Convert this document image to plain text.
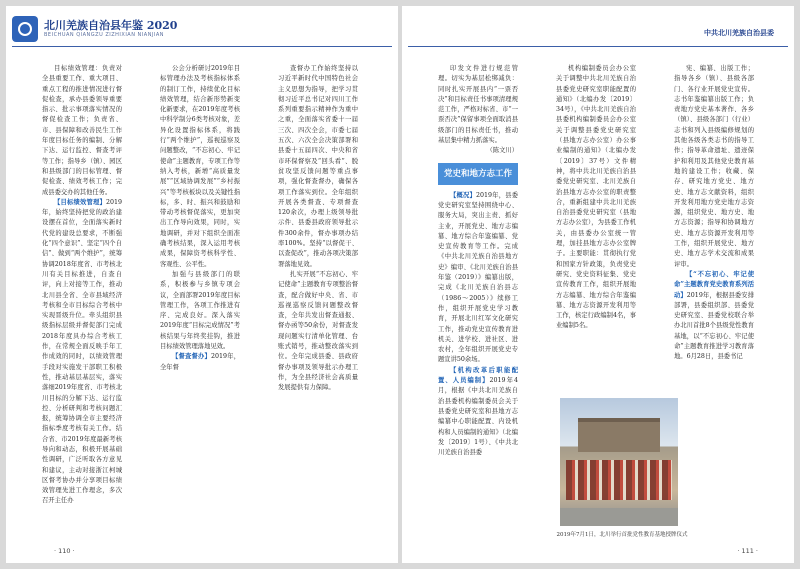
北川羌族自治县年鉴 2020
BEICHUAN QIANGZU ZIZHIXIAN NIANJIAN

目标绩效管理：负责对全县重要工作、重大项目、重点工程的推进情况进行督促检查，承办县委领导重要指示、批示事项落实情况的督促检查工作；负责省、市、县保障和改善民生工作年度目标任务的编制、分解下达、运行监控、督查考评等工作；指导乡（镇）、园区和县级部门的目标管理、督促检查、绩效考核工作；完成县委交办的其他任务。

【目标绩效管理】2019年，始终坚持把党的政治建设摆在首位，全面落实新时代党的建设总要求，不断强化“四个意识”、坚定“四个自信”、做到“两个维护”，统筹协调2018年度省、市考核北川有关目标推进，自查自评，向上对接等工作，推动北川县全省、全市县域经济考核和全市目标综合考核中实现晋级升位。牵头组织县级指标层级并督促部门完成2018年度具办综合考核工作，在常规全面反映手年工作成效的同时，以绩效管理手段对实施发干部职工积极性，推动基层基层实，落实落细2019年度省、市考核北川目标的分解下达、运行监控、分析研判和考核问题汇报，统筹协调全市主要经济指标季度考核有关工作。结合省、市2019年度最新考核导向和动态，积极开展基础性调研，广泛听取各方意见和建议，主动对接浙江柯城区督考协办并分享项目标绩效管理先进工作理念，多次召开主任办

公会分析研讨2019年目标管理办法及考核指标体系的制订工作，持续优化目标绩效管理，结合新形势新变化新要求，在2019年度考核中科学制分6类考核对象，差异化设置指标体系，将践行“两个维护”，巡视巡察及问题整改，“不忘初心、牢记使命”主题教育，专项工作等纳入考核，新增“高质量发展”“区域协调发展”“乡村振兴”等考核板块以及关键性指标，多、时、振兴和鼓励和带动考核督促落实，更加突出工作导向效果，同时，实地调研，并对下组织全面准确考核结果，深入运用考核成果，保障资考核科学性、客观性、公平性。

加强与县级部门的联系，积极参与乡镇专项会议，全面部署2019年度目标管理工作，各项工作推进有序、完成良好。深入落实2019年度“目标完成情况”考核结果与年终奖挂钩，推进目标绩效管理落地见效。

【督查督办】2019年，全年督

查督办工作始终坚持以习近平新时代中国特色社会主义思想为指导，把学习贯彻习近平总书记对四川工作系列重要指示精神作为重中之重，全面落实省委十一届三次、四次全会，市委七届五次、六次全会决策部署和县委十五届四次、中央和省市环保督察及“回头看”、脱贫攻坚反馈问题等重点事项，强化督查督办，确保各项工作落实到位。全年组织开展各类督查、专项督查120余次，办理上级领导批示件、县委县政府领导批示件300余件，督办事项办结率100%。坚持“以督促干、以查促改”，推动各项决策部署落地见效。

扎实开展“不忘初心、牢记使命”主题教育专项整治督查，配合做好中央、省、市巡视巡察反馈问题整改督查，全年共发出督查通报、督办函等50余份，对督查发现问题实行清单化管理、台账式销号，推动整改落实到位。全年完成县委、县政府督办事项及领导批示办理工作，为全县经济社会高质量发展提供有力保障。

· 110 ·
中共北川羌族自治县委

印发文件进行规范管理。切实为基层松绑减负：同时扎实开展县内“一票否决”和目标责任书事项清理规范工作，严格对标省、市“一票否决”保留事项全面取消县级部门的目标责任书，推动基层集中精力抓落实。

（陈文川）

党史和地方志工作

【概况】2019年，县委党史研究室坚持围绕中心、服务大局，突出主责、抓好主业，开展党史、地方志编纂、地方综合年鉴编纂、党史宣传教育等工作。完成《中共北川羌族自治县地方史》编审、《北川羌族自治县年鉴（2019）》编纂出版，完成《北川羌族自治县志（1986～2005）》续修工作，组织开展党史学习教育，开展北川红军文化研究工作，推动党史宣传教育进机关、进学校、进社区、进农村，全年组织开展党史专题宣讲50余场。

【机构改革后职能配置、人员编制】2019年4月，根据《中共北川羌族自治县委机构编制委员会关于县委党史研究室和县地方志编纂中心职能配置、内设机构和人员编制的通知》（北编发〔2019〕1号）、《中共北川羌族自治县委

机构编制委员会办公室关于调整中共北川羌族自治县委党史研究室职能配置的通知》（北编办发〔2019〕34号），《中共北川羌族自治县委机构编制委员会办公室关于调整县委党史研究室（县地方志办公室）办公事业编制的通知》（北编办发〔2019〕37号）文件精神，将中共北川羌族自治县委党史研究室、北川羌族自治县地方志办公室的职责整合，重新组建中共北川羌族自治县委党史研究室（县地方志办公室），为县委工作机关，由县委办公室统一管理，加挂县地方志办公室牌子。主要职能：贯彻执行党和国家方针政策，负责党史研究、党史资料征集、党史宣传教育工作，组织开展地方志编纂、地方综合年鉴编纂、地方志资源开发利用等工作，核定行政编制4名，事业编制5名。

2019年7月1日，北川举行首批党性教育基地授牌仪式

宪、编纂、出版工作；指导各乡（镇）、县级各部门、各行业开展党史宣传。志书年鉴编纂出版工作；负责地方党史基本著作、各乡（镇）、县级各部门（行业）志书和列入县级编修规划的其他各级各类志书的指导工作；指导革命遗址、遗迹保护和利用及其他党史教育基地的建设工作；收藏、保存、研究地方党史、地方史、地方志文献资料，组织开发利用地方党史地方志资源，组织党史、地方史、地方志资源；指导和协调地方史、地方志资源开发利用等工作，组织开展党史、地方史、地方志学术交流和成果评审。

【“不忘初心、牢记使命”主题教育党史教育系列活动】2019年，根据县委安排部署，县委组织部、县委党史研究室、县委党校联合举办北川首批8个县级党性教育基地，以“不忘初心、牢记使命”主题教育推进学习教育落地。6月28日，县委书记

· 111 ·
